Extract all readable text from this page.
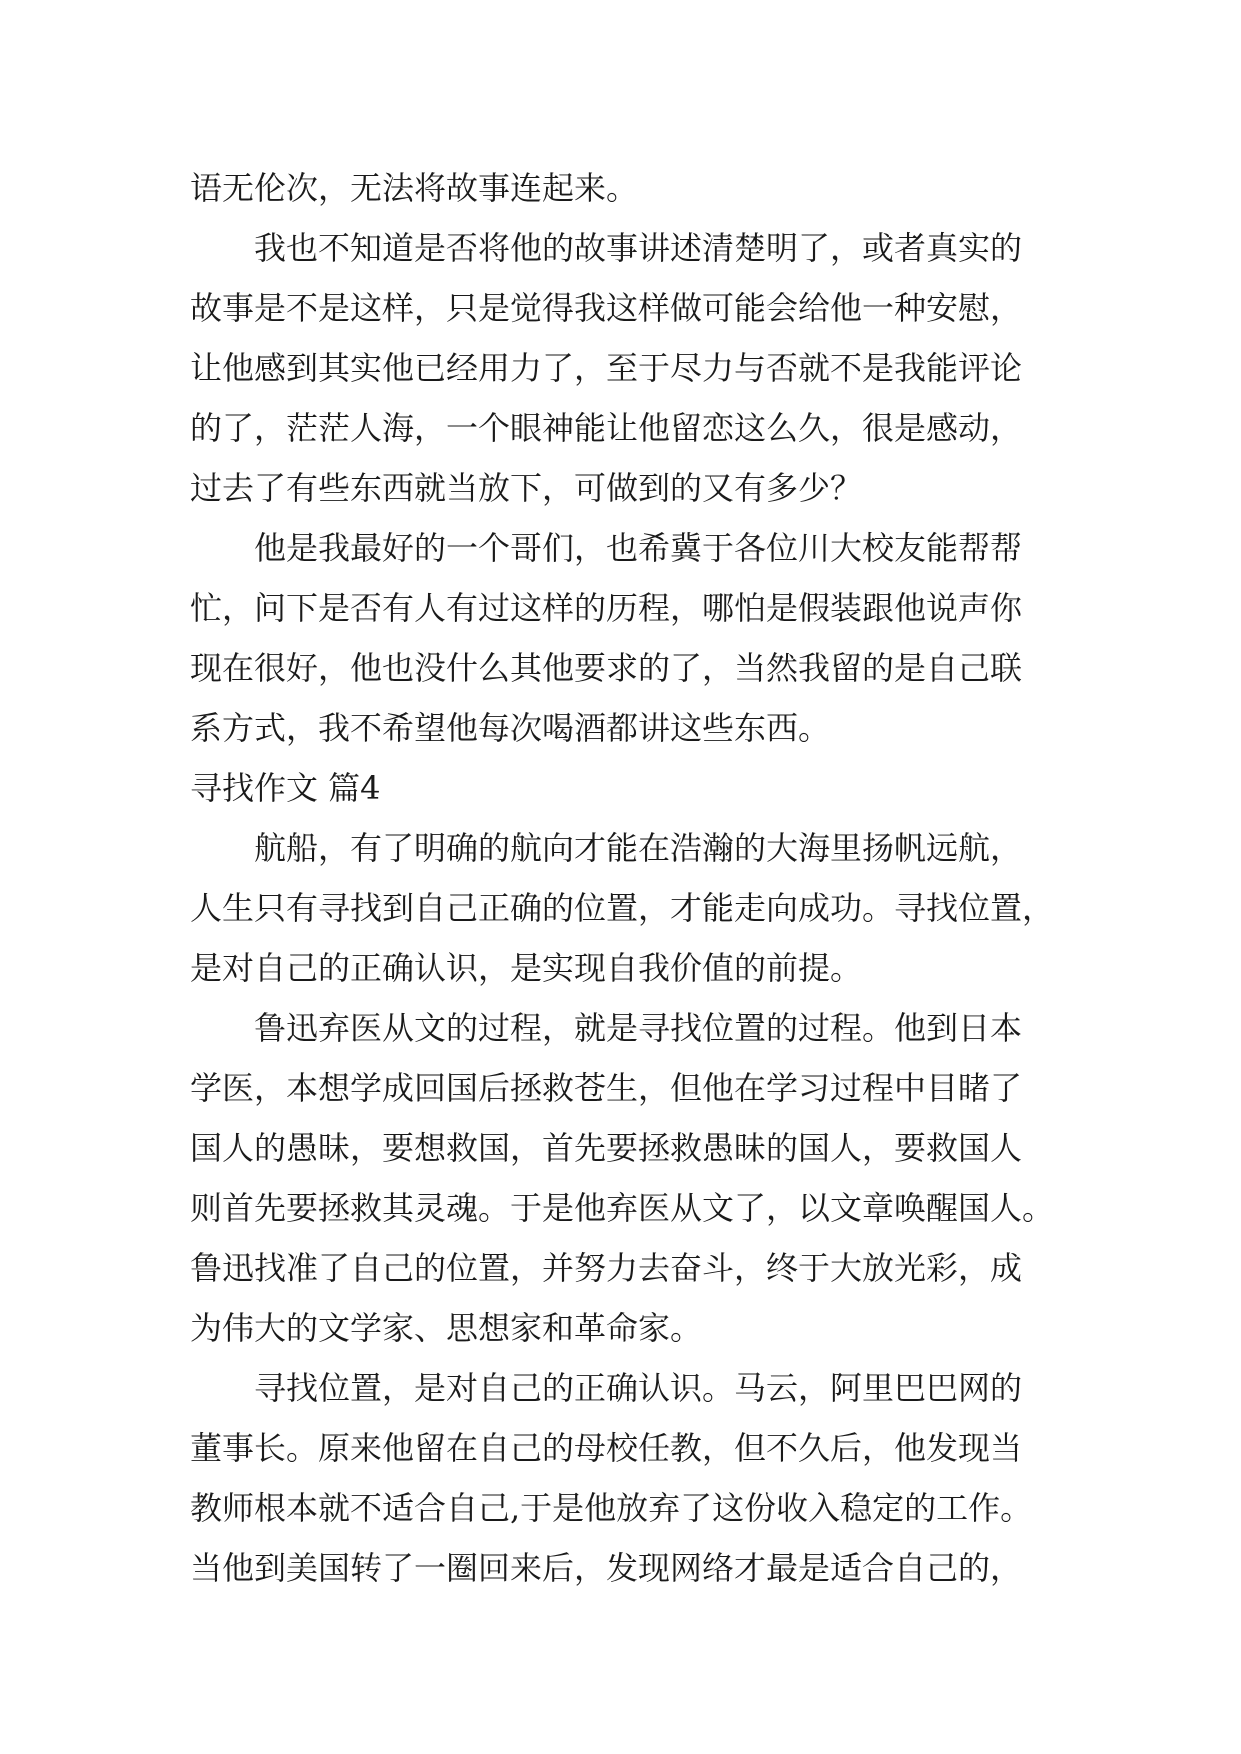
语无伦次，无法将故事连起来。
我也不知道是否将他的故事讲述清楚明了，或者真实的
故事是不是这样，只是觉得我这样做可能会给他一种安慰，
让他感到其实他已经用力了，至于尽力与否就不是我能评论
的了，茫茫人海，一个眼神能让他留恋这么久，很是感动，
过去了有些东西就当放下，可做到的又有多少？
他是我最好的一个哥们，也希冀于各位川大校友能帮帮
忙，问下是否有人有过这样的历程，哪怕是假装跟他说声你
现在很好，他也没什么其他要求的了，当然我留的是自己联
系方式，我不希望他每次喝酒都讲这些东西。
寻找作文 篇4
航船，有了明确的航向才能在浩瀚的大海里扬帆远航，
人生只有寻找到自己正确的位置，才能走向成功。寻找位置，
是对自己的正确认识，是实现自我价值的前提。
鲁迅弃医从文的过程，就是寻找位置的过程。他到日本
学医，本想学成回国后拯救苍生，但他在学习过程中目睹了
国人的愚昧，要想救国，首先要拯救愚昧的国人，要救国人
则首先要拯救其灵魂。于是他弃医从文了，以文章唤醒国人。
鲁迅找准了自己的位置，并努力去奋斗，终于大放光彩，成
为伟大的文学家、思想家和革命家。
寻找位置，是对自己的正确认识。马云，阿里巴巴网的
董事长。原来他留在自己的母校任教，但不久后，他发现当
教师根本就不适合自己,于是他放弃了这份收入稳定的工作。
当他到美国转了一圈回来后，发现网络才最是适合自己的，
